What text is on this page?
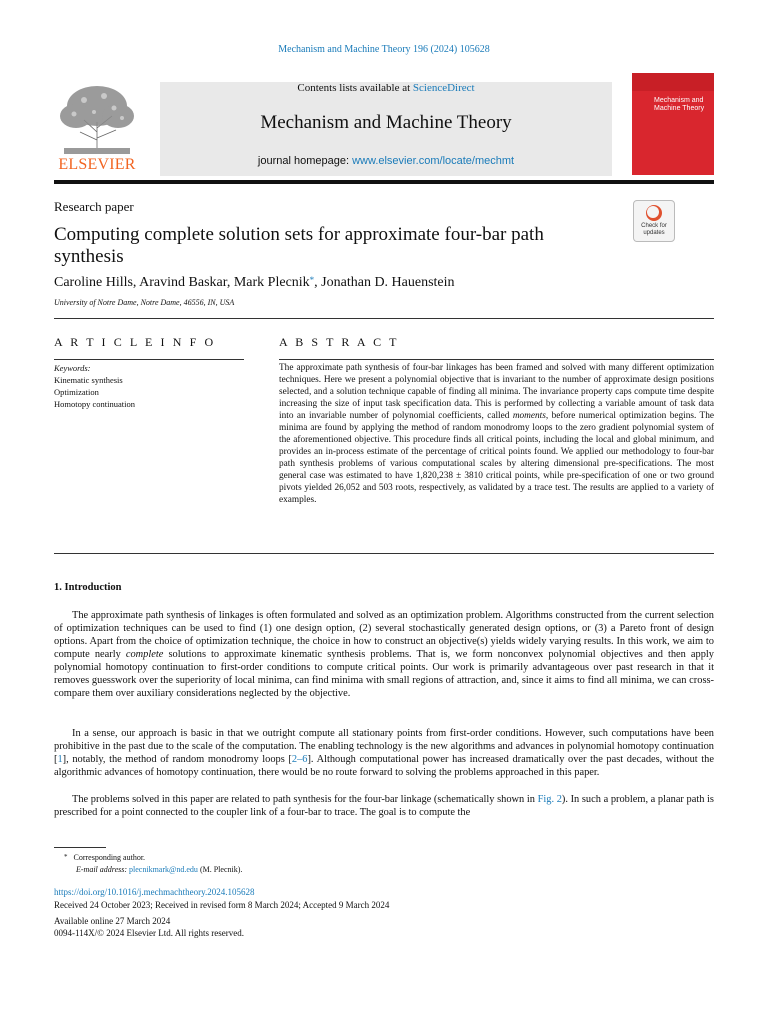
Mechanism and Machine Theory 196 (2024) 105628
ELSEVIER
Contents lists available at ScienceDirect
Mechanism and Machine Theory
journal homepage: www.elsevier.com/locate/mechmt
Mechanism and Machine Theory
Research paper
Check for updates
Computing complete solution sets for approximate four-bar path synthesis
Caroline Hills, Aravind Baskar, Mark Plecnik*, Jonathan D. Hauenstein
University of Notre Dame, Notre Dame, 46556, IN, USA
A R T I C L E I N F O
Keywords:
Kinematic synthesis
Optimization
Homotopy continuation
A B S T R A C T

The approximate path synthesis of four-bar linkages has been framed and solved with many different optimization techniques. Here we present a polynomial objective that is invariant to the number of approximate design positions selected, and a solution technique capable of finding all minima. The invariance property caps compute time despite increasing the size of input task specification data. This is performed by collecting a variable amount of task data into an invariable number of polynomial coefficients, called moments, before numerical optimization begins. The minima are found by applying the method of random monodromy loops to the zero gradient polynomial system of the aforementioned objective. This procedure finds all critical points, including the local and global minimum, and provides an in-process estimate of the percentage of critical points found. We applied our methodology to four-bar path synthesis problems of various computational scales by altering dimensional pre-specifications. The most general case was estimated to have 1,820,238 ± 3810 critical points, while pre-specification of one or two ground pivots yielded 26,052 and 503 roots, respectively, as validated by a trace test. The results are applied to a variety of examples.

1. Introduction

The approximate path synthesis of linkages is often formulated and solved as an optimization problem. Algorithms constructed from the current selection of optimization techniques can be used to find (1) one design option, (2) several stochastically generated design options, or (3) a Pareto front of design options. Apart from the choice of optimization technique, the choice in how to construct an objective(s) yields widely varying results. In this work, we aim to compute nearly complete solutions to approximate kinematic synthesis problems. That is, we form nonconvex polynomial objectives and then apply polynomial homotopy continuation to first-order conditions to compute critical points. Our work is primarily advantageous over past research in that it removes guesswork over the superiority of local minima, can find minima with small regions of attraction, and, since it aims to find all minima, we can cross-compare them over auxiliary considerations neglected by the objective.

In a sense, our approach is basic in that we outright compute all stationary points from first-order conditions. However, such computations have been prohibitive in the past due to the scale of the computation. The enabling technology is the new algorithms and advances in polynomial homotopy continuation [1], notably, the method of random monodromy loops [2–6]. Although computational power has increased dramatically over the past decades, without the algorithmic advances of homotopy continuation, there would be no route forward to solving the problems approached in this paper.

The problems solved in this paper are related to path synthesis for the four-bar linkage (schematically shown in Fig. 2). In such a problem, a planar path is prescribed for a point connected to the coupler link of a four-bar to trace. The goal is to compute the

* Corresponding author.
E-mail address: plecnikmark@nd.edu (M. Plecnik).
https://doi.org/10.1016/j.mechmachtheory.2024.105628
Received 24 October 2023; Received in revised form 8 March 2024; Accepted 9 March 2024
Available online 27 March 2024
0094-114X/© 2024 Elsevier Ltd. All rights reserved.
